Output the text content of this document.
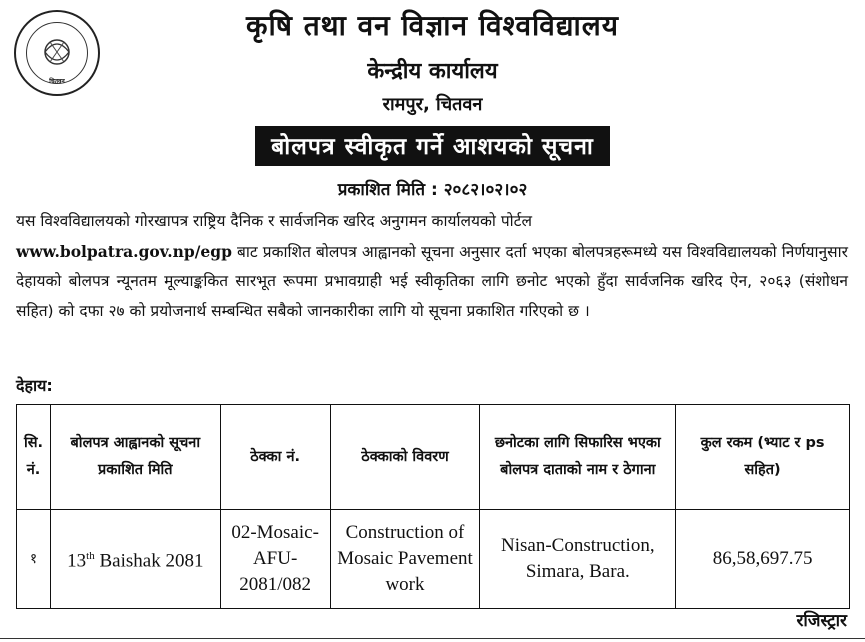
चितवन
कृषि तथा वन विज्ञान विश्वविद्यालय
केन्द्रीय कार्यालय
रामपुर, चितवन
बोलपत्र स्वीकृत गर्ने आशयको सूचना
प्रकाशित मिति : २०८२।०२।०२
यस विश्वविद्यालयको गोरखापत्र राष्ट्रिय दैनिक र सार्वजनिक खरिद अनुगमन कार्यालयको पोर्टल
www.bolpatra.gov.np/egp बाट प्रकाशित बोलपत्र आह्वानको सूचना अनुसार दर्ता भएका बोलपत्रहरूमध्ये यस विश्वविद्यालयको निर्णयानुसार देहायको बोलपत्र न्यूनतम मूल्याङ्ककित सारभूत रूपमा प्रभावग्राही भई स्वीकृतिका लागि छनोट भएको हुँदा सार्वजनिक खरिद ऐन, २०६३ (संशोधन सहित) को दफा २७ को प्रयोजनार्थ सम्बन्धित सबैको जानकारीका लागि यो सूचना प्रकाशित गरिएको छ ।
देहाय:
सि. नं.	बोलपत्र आह्वानको सूचना प्रकाशित मिति	ठेक्का नं.	ठेक्काको विवरण	छनोटका लागि सिफारिस भएका बोलपत्र दाताको नाम र ठेगाना	कुल रकम (भ्याट र ps सहित)
१	13th Baishak 2081	02-Mosaic-AFU-2081/082	Construction of Mosaic Pavement work	Nisan-Construction, Simara, Bara.	86,58,697.75
रजिस्ट्रार
